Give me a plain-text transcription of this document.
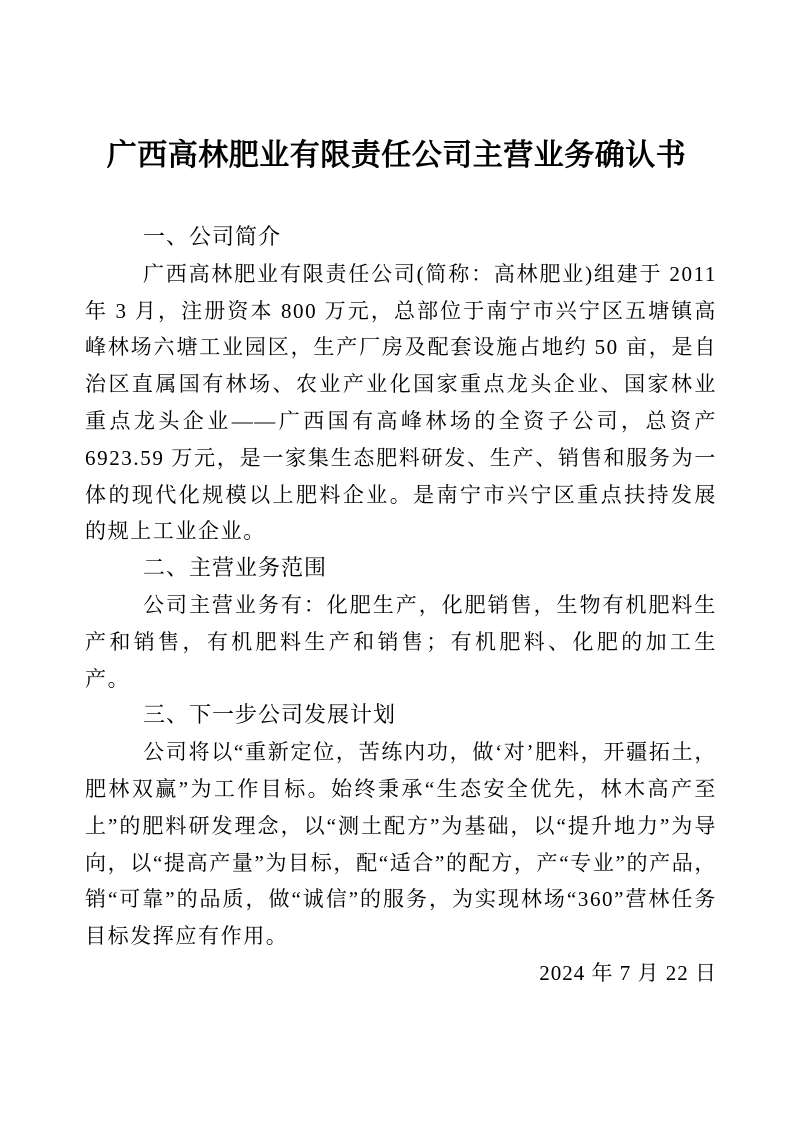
广西高林肥业有限责任公司主营业务确认书
一、公司简介

广西高林肥业有限责任公司(简称：高林肥业)组建于 2011 年 3 月，注册资本 800 万元，总部位于南宁市兴宁区五塘镇高峰林场六塘工业园区，生产厂房及配套设施占地约 50 亩，是自治区直属国有林场、农业产业化国家重点龙头企业、国家林业重点龙头企业——广西国有高峰林场的全资子公司，总资产 6923.59 万元，是一家集生态肥料研发、生产、销售和服务为一体的现代化规模以上肥料企业。是南宁市兴宁区重点扶持发展的规上工业企业。

二、主营业务范围

公司主营业务有：化肥生产，化肥销售，生物有机肥料生产和销售，有机肥料生产和销售；有机肥料、化肥的加工生产。

三、下一步公司发展计划

公司将以“重新定位，苦练内功，做‘对’肥料，开疆拓土，肥林双赢”为工作目标。始终秉承“生态安全优先，林木高产至上”的肥料研发理念，以“测土配方”为基础，以“提升地力”为导向，以“提高产量”为目标，配“适合”的配方，产“专业”的产品，销“可靠”的品质，做“诚信”的服务，为实现林场“360”营林任务目标发挥应有作用。

2024 年 7 月 22 日
